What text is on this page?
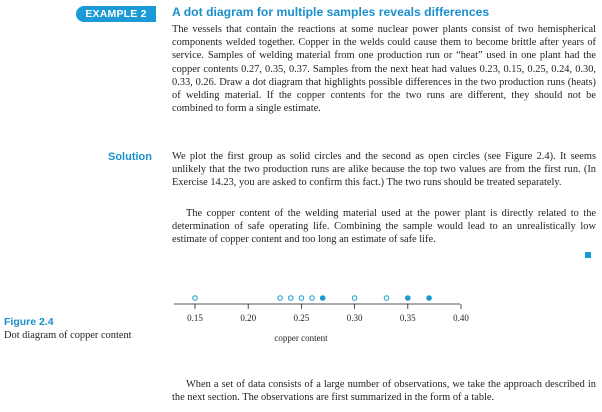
EXAMPLE 2	A dot diagram for multiple samples reveals differences

The vessels that contain the reactions at some nuclear power plants consist of two hemispherical components welded together. Copper in the welds could cause them to become brittle after years of service. Samples of welding material from one production run or “heat” used in one plant had the copper contents 0.27, 0.35, 0.37. Samples from the next heat had values 0.23, 0.15, 0.25, 0.24, 0.30, 0.33, 0.26. Draw a dot diagram that highlights possible differences in the two production runs (heats) of welding material. If the copper contents for the two runs are different, they should not be combined to form a single estimate.

Solution We plot the first group as solid circles and the second as open circles (see Figure 2.4). It seems unlikely that the two production runs are alike because the top two values are from the first run. (In Exercise 14.23, you are asked to confirm this fact.) The two runs should be treated separately.

The copper content of the welding material used at the power plant is directly related to the determination of safe operating life. Combining the sample would lead to an unrealistically low estimate of copper content and too long an estimate of safe life.

Figure 2.4
Dot diagram of copper content
0.15	0.20	0.25	0.30	0.35	0.40
copper content

When a set of data consists of a large number of observations, we take the approach described in the next section. The observations are first summarized in the form of a table.
